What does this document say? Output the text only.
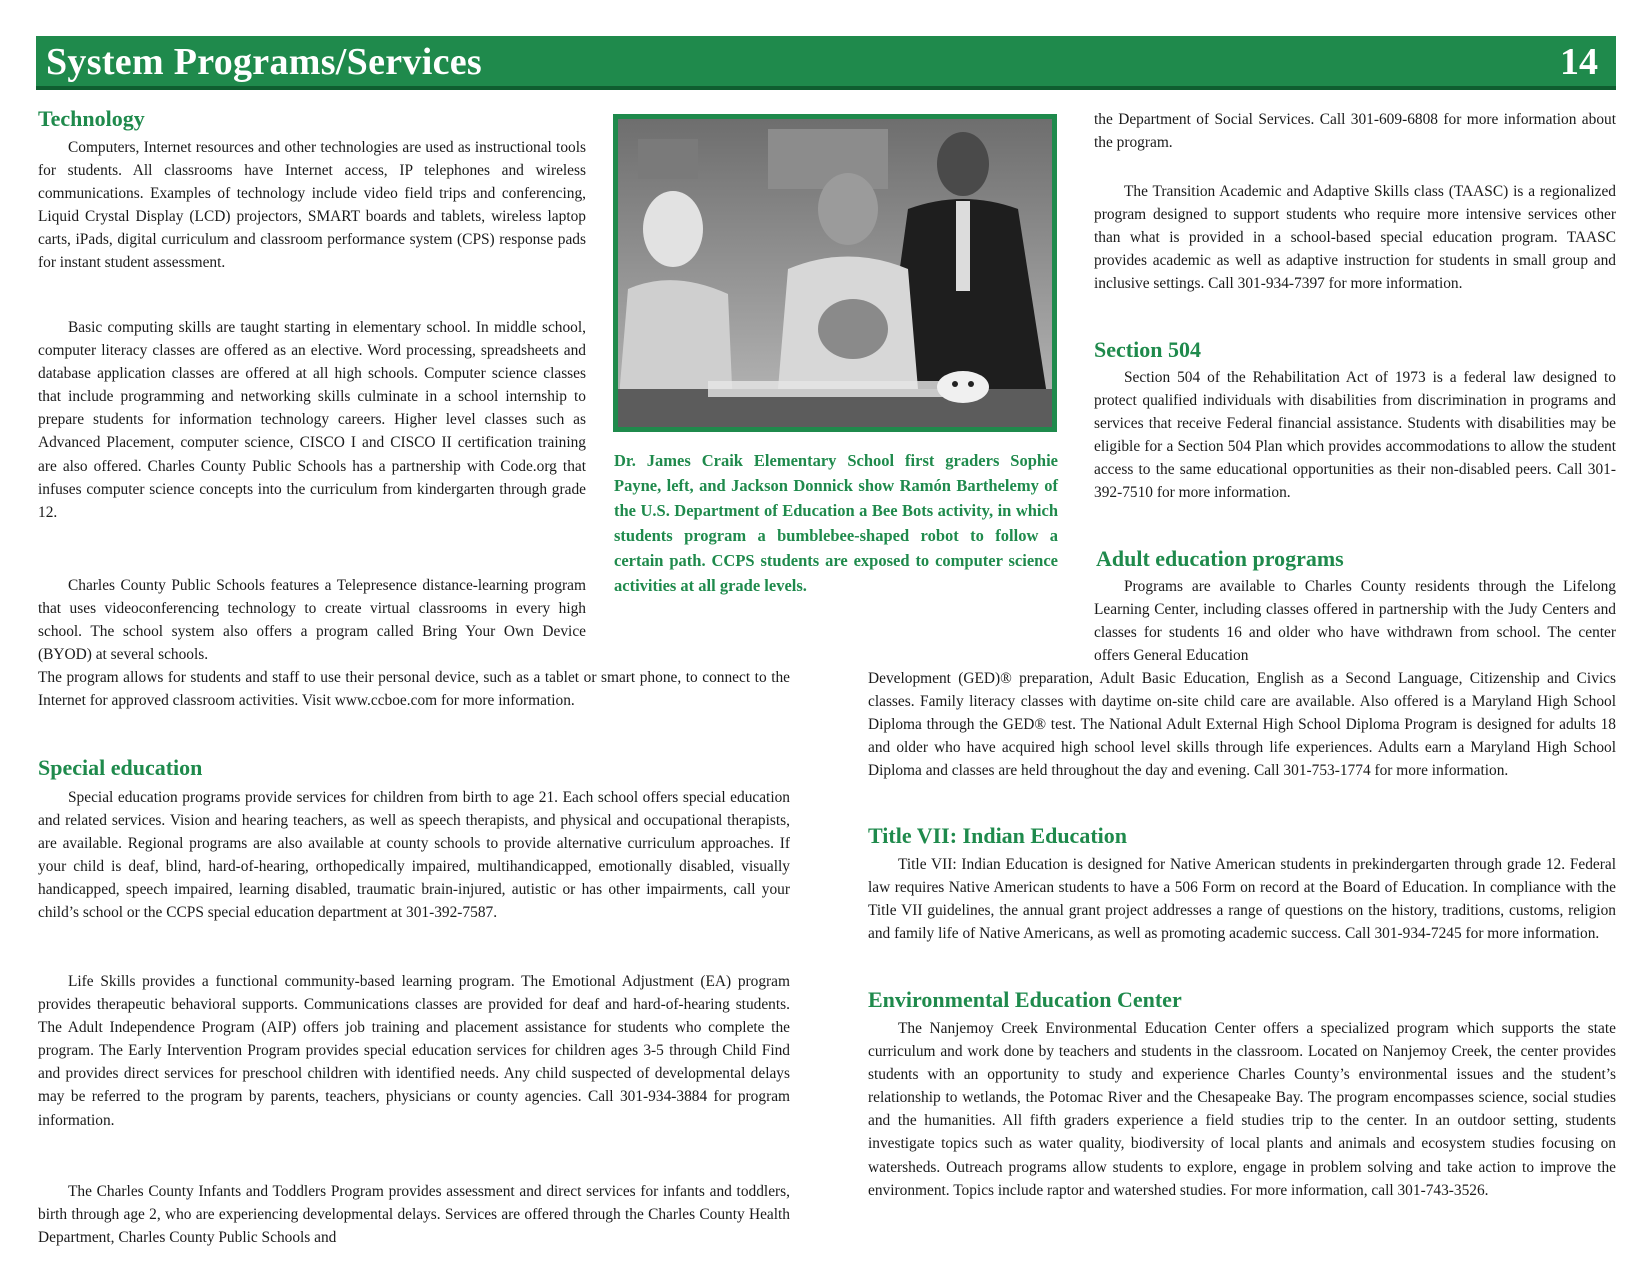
System Programs/Services	14
Technology

Computers, Internet resources and other technologies are used as instructional tools for students. All classrooms have Internet access, IP telephones and wireless communications. Examples of technology include video field trips and conferencing, Liquid Crystal Display (LCD) projectors, SMART boards and tablets, wireless laptop carts, iPads, digital curriculum and classroom performance system (CPS) response pads for instant student assessment.

Basic computing skills are taught starting in elementary school. In middle school, computer literacy classes are offered as an elective. Word processing, spreadsheets and database application classes are offered at all high schools. Computer science classes that include programming and networking skills culminate in a school internship to prepare students for information technology careers. Higher level classes such as Advanced Placement, computer science, CISCO I and CISCO II certification training are also offered. Charles County Public Schools has a partnership with Code.org that infuses computer science concepts into the curriculum from kindergarten through grade 12.

Charles County Public Schools features a Telepresence distance-learning program that uses videoconferencing technology to create virtual classrooms in every high school. The school system also offers a program called Bring Your Own Device (BYOD) at several schools.

The program allows for students and staff to use their personal device, such as a tablet or smart phone, to connect to the Internet for approved classroom activities. Visit www.ccboe.com for more information.

Dr. James Craik Elementary School first graders Sophie Payne, left, and Jackson Donnick show Ramón Barthelemy of the U.S. Department of Education a Bee Bots activity, in which students program a bumblebee-shaped robot to follow a certain path. CCPS students are exposed to computer science activities at all grade levels.

Special education

Special education programs provide services for children from birth to age 21. Each school offers special education and related services. Vision and hearing teachers, as well as speech therapists, and physical and occupational therapists, are available. Regional programs are also available at county schools to provide alternative curriculum approaches. If your child is deaf, blind, hard-of-hearing, orthopedically impaired, multihandicapped, emotionally disabled, visually handicapped, speech impaired, learning disabled, traumatic brain-injured, autistic or has other impairments, call your child’s school or the CCPS special education department at 301-392-7587.

Life Skills provides a functional community-based learning program. The Emotional Adjustment (EA) program provides therapeutic behavioral supports. Communications classes are provided for deaf and hard-of-hearing students. The Adult Independence Program (AIP) offers job training and placement assistance for students who complete the program. The Early Intervention Program provides special education services for children ages 3-5 through Child Find and provides direct services for preschool children with identified needs. Any child suspected of developmental delays may be referred to the program by parents, teachers, physicians or county agencies. Call 301-934-3884 for program information.

The Charles County Infants and Toddlers Program provides assessment and direct services for infants and toddlers, birth through age 2, who are experiencing developmental delays. Services are offered through the Charles County Health Department, Charles County Public Schools and

the Department of Social Services. Call 301-609-6808 for more information about the program.

The Transition Academic and Adaptive Skills class (TAASC) is a regionalized program designed to support students who require more intensive services other than what is provided in a school-based special education program. TAASC provides academic as well as adaptive instruction for students in small group and inclusive settings. Call 301-934-7397 for more information.

Section 504

Section 504 of the Rehabilitation Act of 1973 is a federal law designed to protect qualified individuals with disabilities from discrimination in programs and services that receive Federal financial assistance. Students with disabilities may be eligible for a Section 504 Plan which provides accommodations to allow the student access to the same educational opportunities as their non-disabled peers. Call 301-392-7510 for more information.

Adult education programs

Programs are available to Charles County residents through the Lifelong Learning Center, including classes offered in partnership with the Judy Centers and classes for students 16 and older who have withdrawn from school. The center offers General Education

Development (GED)® preparation, Adult Basic Education, English as a Second Language, Citizenship and Civics classes. Family literacy classes with daytime on-site child care are available. Also offered is a Maryland High School Diploma through the GED® test. The National Adult External High School Diploma Program is designed for adults 18 and older who have acquired high school level skills through life experiences. Adults earn a Maryland High School Diploma and classes are held throughout the day and evening. Call 301-753-1774 for more information.

Title VII: Indian Education

Title VII: Indian Education is designed for Native American students in prekindergarten through grade 12. Federal law requires Native American students to have a 506 Form on record at the Board of Education. In compliance with the Title VII guidelines, the annual grant project addresses a range of questions on the history, traditions, customs, religion and family life of Native Americans, as well as promoting academic success. Call 301-934-7245 for more information.

Environmental Education Center

The Nanjemoy Creek Environmental Education Center offers a specialized program which supports the state curriculum and work done by teachers and students in the classroom. Located on Nanjemoy Creek, the center provides students with an opportunity to study and experience Charles County’s environmental issues and the student’s relationship to wetlands, the Potomac River and the Chesapeake Bay. The program encompasses science, social studies and the humanities. All fifth graders experience a field studies trip to the center. In an outdoor setting, students investigate topics such as water quality, biodiversity of local plants and animals and ecosystem studies focusing on watersheds. Outreach programs allow students to explore, engage in problem solving and take action to improve the environment. Topics include raptor and watershed studies. For more information, call 301-743-3526.
